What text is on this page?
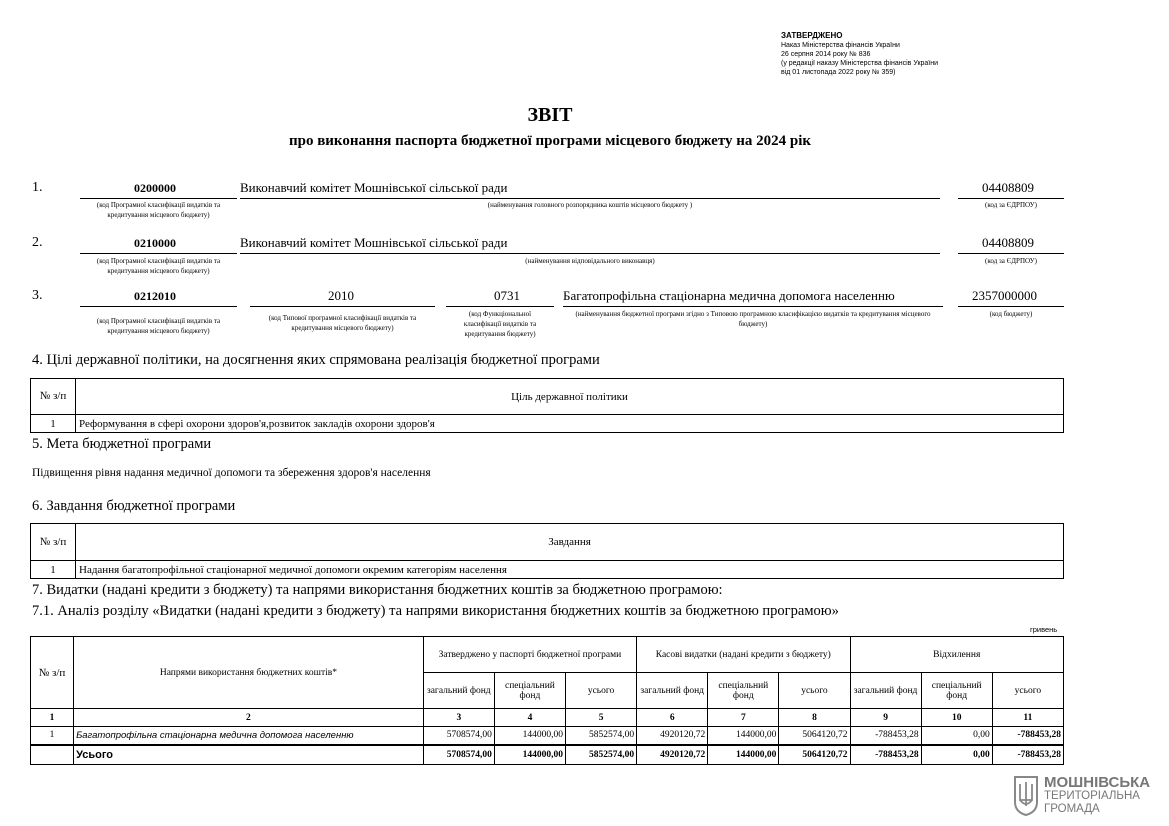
ЗАТВЕРДЖЕНО
Наказ Міністерства фінансів України
26 серпня 2014 року № 836
(у редакції наказу Міністерства фінансів України
від 01 листопада 2022 року № 359)
ЗВІТ
про виконання паспорта бюджетної програми місцевого бюджету на 2024 рік
1.	0200000	Виконавчий комітет Мошнівської сільської ради	04408809
(код Програмної класифікації видатків та кредитування місцевого бюджету)
(найменування головного розпорядника коштів місцевого бюджету )	(код за ЄДРПОУ)
2.	0210000	Виконавчий комітет Мошнівської сільської ради	04408809
(код Програмної класифікації видатків та кредитування місцевого бюджету)
(найменування відповідального виконавця)	(код за ЄДРПОУ)
3.	0212010	2010	0731	Багатопрофільна стаціонарна медична допомога населенню	2357000000
(код Програмної класифікації видатків та кредитування місцевого бюджету)
(код Типової програмної класифікації видатків та кредитування місцевого бюджету)
(код Функціональної класифікації видатків та кредитування бюджету)
(найменування бюджетної програми згідно з Типовою програмною класифікацією видатків та кредитування місцевого бюджету)
(код бюджету)
4. Цілі державної політики, на досягнення яких спрямована реалізація бюджетної програми
№ з/п	Ціль державної політики
1	Реформування в сфері охорони здоров'я,розвиток закладів охорони здоров'я
5. Мета бюджетної програми
Підвищення рівня надання медичної допомоги та збереження здоров'я населення
6. Завдання бюджетної програми
№ з/п	Завдання
1	Надання багатопрофільної стаціонарної медичної допомоги окремим категоріям населення
7. Видатки (надані кредити з бюджету) та напрями використання бюджетних коштів за бюджетною програмою:
7.1. Аналіз розділу «Видатки (надані кредити з бюджету) та напрями використання бюджетних коштів за бюджетною програмою»
гривень
№ з/п	Напрями використання бюджетних коштів*	Затверджено у паспорті бюджетної програми			Касові видатки (надані кредити з бюджету)			Відхилення		
		загальний фонд	спеціальний фонд	усього	загальний фонд	спеціальний фонд	усього	загальний фонд	спеціальний фонд	усього
1	2	3	4	5	6	7	8	9	10	11
1	Багатопрофільна стаціонарна медична допомога населенню	5708574,00	144000,00	5852574,00	4920120,72	144000,00	5064120,72	-788453,28	0,00	-788453,28
	Усього	5708574,00	144000,00	5852574,00	4920120,72	144000,00	5064120,72	-788453,28	0,00	-788453,28
МОШНІВСЬКА
ТЕРИТОРІАЛЬНА
ГРОМАДА
